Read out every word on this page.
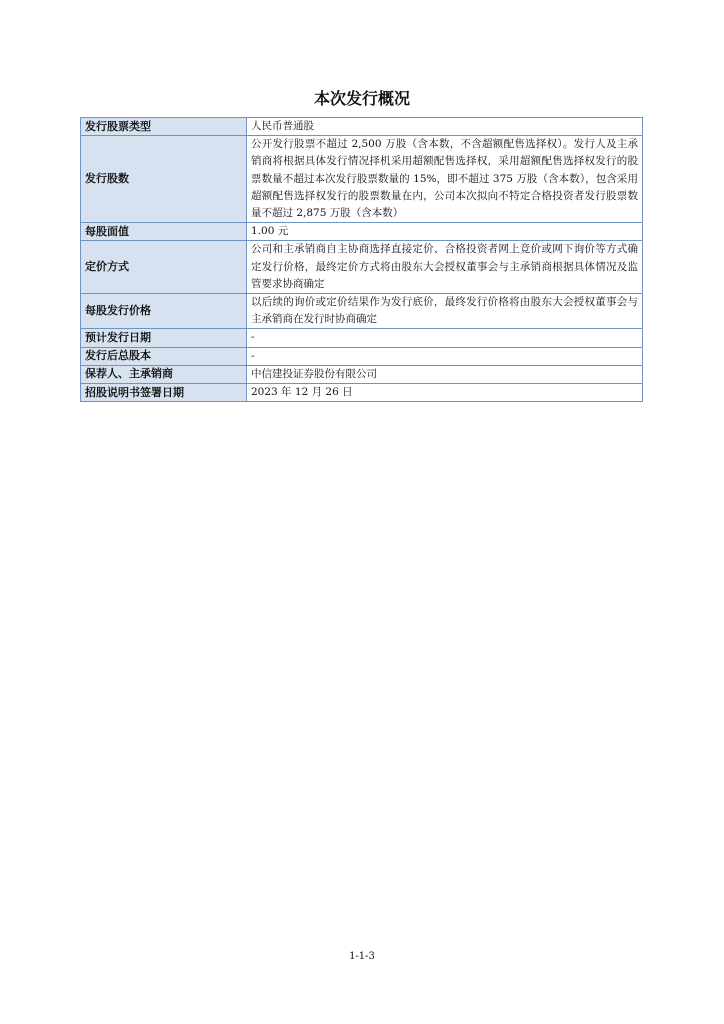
本次发行概况
发行股票类型	人民币普通股
发行股数	公开发行股票不超过 2,500 万股（含本数，不含超额配售选择权）。发行人及主承销商将根据具体发行情况择机采用超额配售选择权，采用超额配售选择权发行的股票数量不超过本次发行股票数量的 15%，即不超过 375 万股（含本数），包含采用超额配售选择权发行的股票数量在内，公司本次拟向不特定合格投资者发行股票数量不超过 2,875 万股（含本数）
每股面值	1.00 元
定价方式	公司和主承销商自主协商选择直接定价、合格投资者网上竞价或网下询价等方式确定发行价格，最终定价方式将由股东大会授权董事会与主承销商根据具体情况及监管要求协商确定
每股发行价格	以后续的询价或定价结果作为发行底价，最终发行价格将由股东大会授权董事会与主承销商在发行时协商确定
预计发行日期	-
发行后总股本	-
保荐人、主承销商	中信建投证券股份有限公司
招股说明书签署日期	2023 年 12 月 26 日
1-1-3
